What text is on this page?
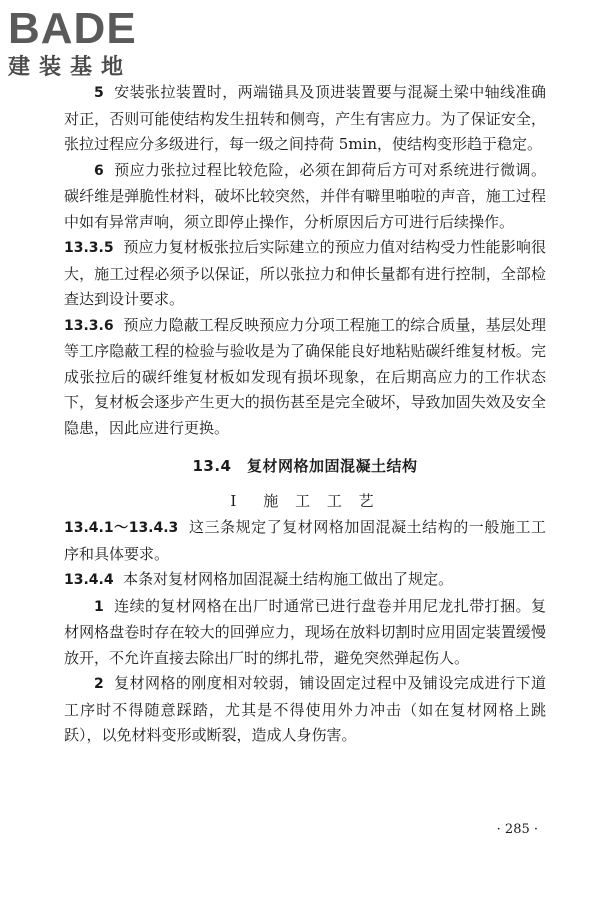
BADE
建装基地

5 安装张拉装置时，两端锚具及顶进装置要与混凝土梁中轴线准确对正，否则可能使结构发生扭转和侧弯，产生有害应力。为了保证安全，张拉过程应分多级进行，每一级之间持荷 5min，使结构变形趋于稳定。

6 预应力张拉过程比较危险，必须在卸荷后方可对系统进行微调。碳纤维是弹脆性材料，破坏比较突然，并伴有噼里啪啦的声音，施工过程中如有异常声响，须立即停止操作，分析原因后方可进行后续操作。

13.3.5 预应力复材板张拉后实际建立的预应力值对结构受力性能影响很大，施工过程必须予以保证，所以张拉力和伸长量都有进行控制，全部检查达到设计要求。

13.3.6 预应力隐蔽工程反映预应力分项工程施工的综合质量，基层处理等工序隐蔽工程的检验与验收是为了确保能良好地粘贴碳纤维复材板。完成张拉后的碳纤维复材板如发现有损坏现象，在后期高应力的工作状态下，复材板会逐步产生更大的损伤甚至是完全破坏，导致加固失效及安全隐患，因此应进行更换。

13.4　复材网格加固混凝土结构
Ⅰ　施 工 工 艺

13.4.1～13.4.3 这三条规定了复材网格加固混凝土结构的一般施工工序和具体要求。

13.4.4 本条对复材网格加固混凝土结构施工做出了规定。

1 连续的复材网格在出厂时通常已进行盘卷并用尼龙扎带打捆。复材网格盘卷时存在较大的回弹应力，现场在放料切割时应用固定装置缓慢放开，不允许直接去除出厂时的绑扎带，避免突然弹起伤人。

2 复材网格的刚度相对较弱，铺设固定过程中及铺设完成进行下道工序时不得随意踩踏，尤其是不得使用外力冲击（如在复材网格上跳跃），以免材料变形或断裂，造成人身伤害。

· 285 ·
